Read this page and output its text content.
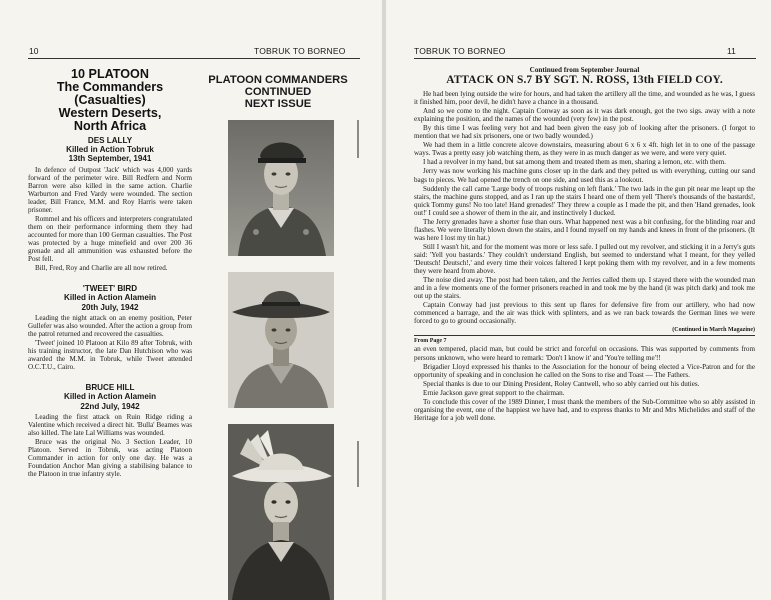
10	TOBRUK TO BORNEO
10 PLATOON
The Commanders
(Casualties)
Western Deserts,
North Africa
DES LALLY
Killed in Action Tobruk
13th September, 1941

In defence of Outpost 'Jack' which was 4,000 yards forward of the perimeter wire. Bill Redfern and Norm Barron were also killed in the same action. Charlie Warburton and Fred Vardy were wounded. The section leader, Bill France, M.M. and Roy Harris were taken prisoner.

Rommel and his officers and interpreters congratulated them on their performance informing them they had accounted for more than 100 German casualties. The Post was protected by a huge minefield and over 200 36 grenade and all ammunition was exhausted before the Post fell.

Bill, Fred, Roy and Charlie are all now retired.

'TWEET' BIRD
Killed in Action Alamein
20th July, 1942

Leading the night attack on an enemy position, Peter Gullefer was also wounded. After the action a group from the patrol returned and recovered the casualties.

'Tweet' joined 10 Platoon at Kilo 89 after Tobruk, with his training instructor, the late Dan Hutchison who was awarded the M.M. in Tobruk, while Tweet attended O.C.T.U., Cairo.

BRUCE HILL
Killed in Action Alamein
22nd July, 1942

Leading the first attack on Ruin Ridge riding a Valentine which received a direct hit. 'Bulla' Beames was also killed. The late Lal Williams was wounded.

Bruce was the original No. 3 Section Leader, 10 Platoon. Served in Tobruk, was acting Platoon Commander in action for only one day. He was a Foundation Anchor Man giving a stabilising balance to the Platoon in true infantry style.

PLATOON COMMANDERS
CONTINUED
NEXT ISSUE
TOBRUK TO BORNEO	11
Continued from September Journal
ATTACK ON S.7 BY SGT. N. ROSS, 13th FIELD COY.

He had been lying outside the wire for hours, and had taken the artillery all the time, and wounded as he was, I guess it finished him, poor devil, he didn't have a chance in a thousand.

And so we come to the night. Captain Conway as soon as it was dark enough, got the two sigs. away with a note explaining the position, and the names of the wounded (very few) in the post.

By this time I was feeling very hot and had been given the easy job of looking after the prisoners. (I forgot to mention that we had six prisoners, one or two badly wounded.)

We had them in a little concrete alcove downstairs, measuring about 6 x 6 x 4ft. high let in to one of the passage ways. Twas a pretty easy job watching them, as they were in as much danger as we were, and were very quiet.

I had a revolver in my hand, but sat among them and treated them as men, sharing a lemon, etc. with them.

Jerry was now working his machine guns closer up in the dark and they pelted us with everything, cutting our sand bags to pieces. We had opened the trench on one side, and used this as a lookout.

Suddenly the call came 'Large body of troops rushing on left flank.' The two lads in the gun pit near me leapt up the stairs, the machine guns stopped, and as I ran up the stairs I heard one of them yell 'There's thousands of the bastards!, quick Tommy guns! No too late! Hand grenades!' They threw a couple as I made the pit, and then 'Hand grenades, look out!' I could see a shower of them in the air, and instinctively I ducked.

The Jerry grenades have a shorter fuse than ours. What happened next was a bit confusing, for the blinding roar and flashes. We were literally blown down the stairs, and I found myself on my hands and knees in front of the prisoners. (It was here I lost my tin hat.)

Still I wasn't hit, and for the moment was more or less safe. I pulled out my revolver, and sticking it in a Jerry's guts said: 'Yell you bastards.' They couldn't understand English, but seemed to understand what I meant, for they yelled 'Deutsch! Deutsch!,' and every time their voices faltered I kept poking them with my revolver, and in a few moments they were heard from above.

The noise died away. The post had been taken, and the Jerries called them up. I stayed there with the wounded man and in a few moments one of the former prisoners reached in and took me by the hand (it was pitch dark) and took me out up the stairs.

Captain Conway had just previous to this sent up flares for defensive fire from our artillery, who had now commenced a barrage, and the air was thick with splinters, and as we ran back towards the German lines we were forced to go to ground occasionally.

(Continued in March Magazine)
From Page 7

an even tempered, placid man, but could be strict and forceful on occasions. This was supported by comments from persons unknown, who were heard to remark: 'Don't I know it' and 'You're telling me'!!

Brigadier Lloyd expressed his thanks to the Association for the honour of being elected a Vice-Patron and for the opportunity of speaking and in conclusion he called on the Sons to rise and Toast — The Fathers.

Special thanks is due to our Dining President, Roley Cantwell, who so ably carried out his duties.

Ernie Jackson gave great support to the chairman.

To conclude this cover of the 1989 Dinner, I must thank the members of the Sub-Committee who so ably assisted in organising the event, one of the happiest we have had, and to express thanks to Mr and Mrs Michelides and staff of the Heritage for a job well done.
